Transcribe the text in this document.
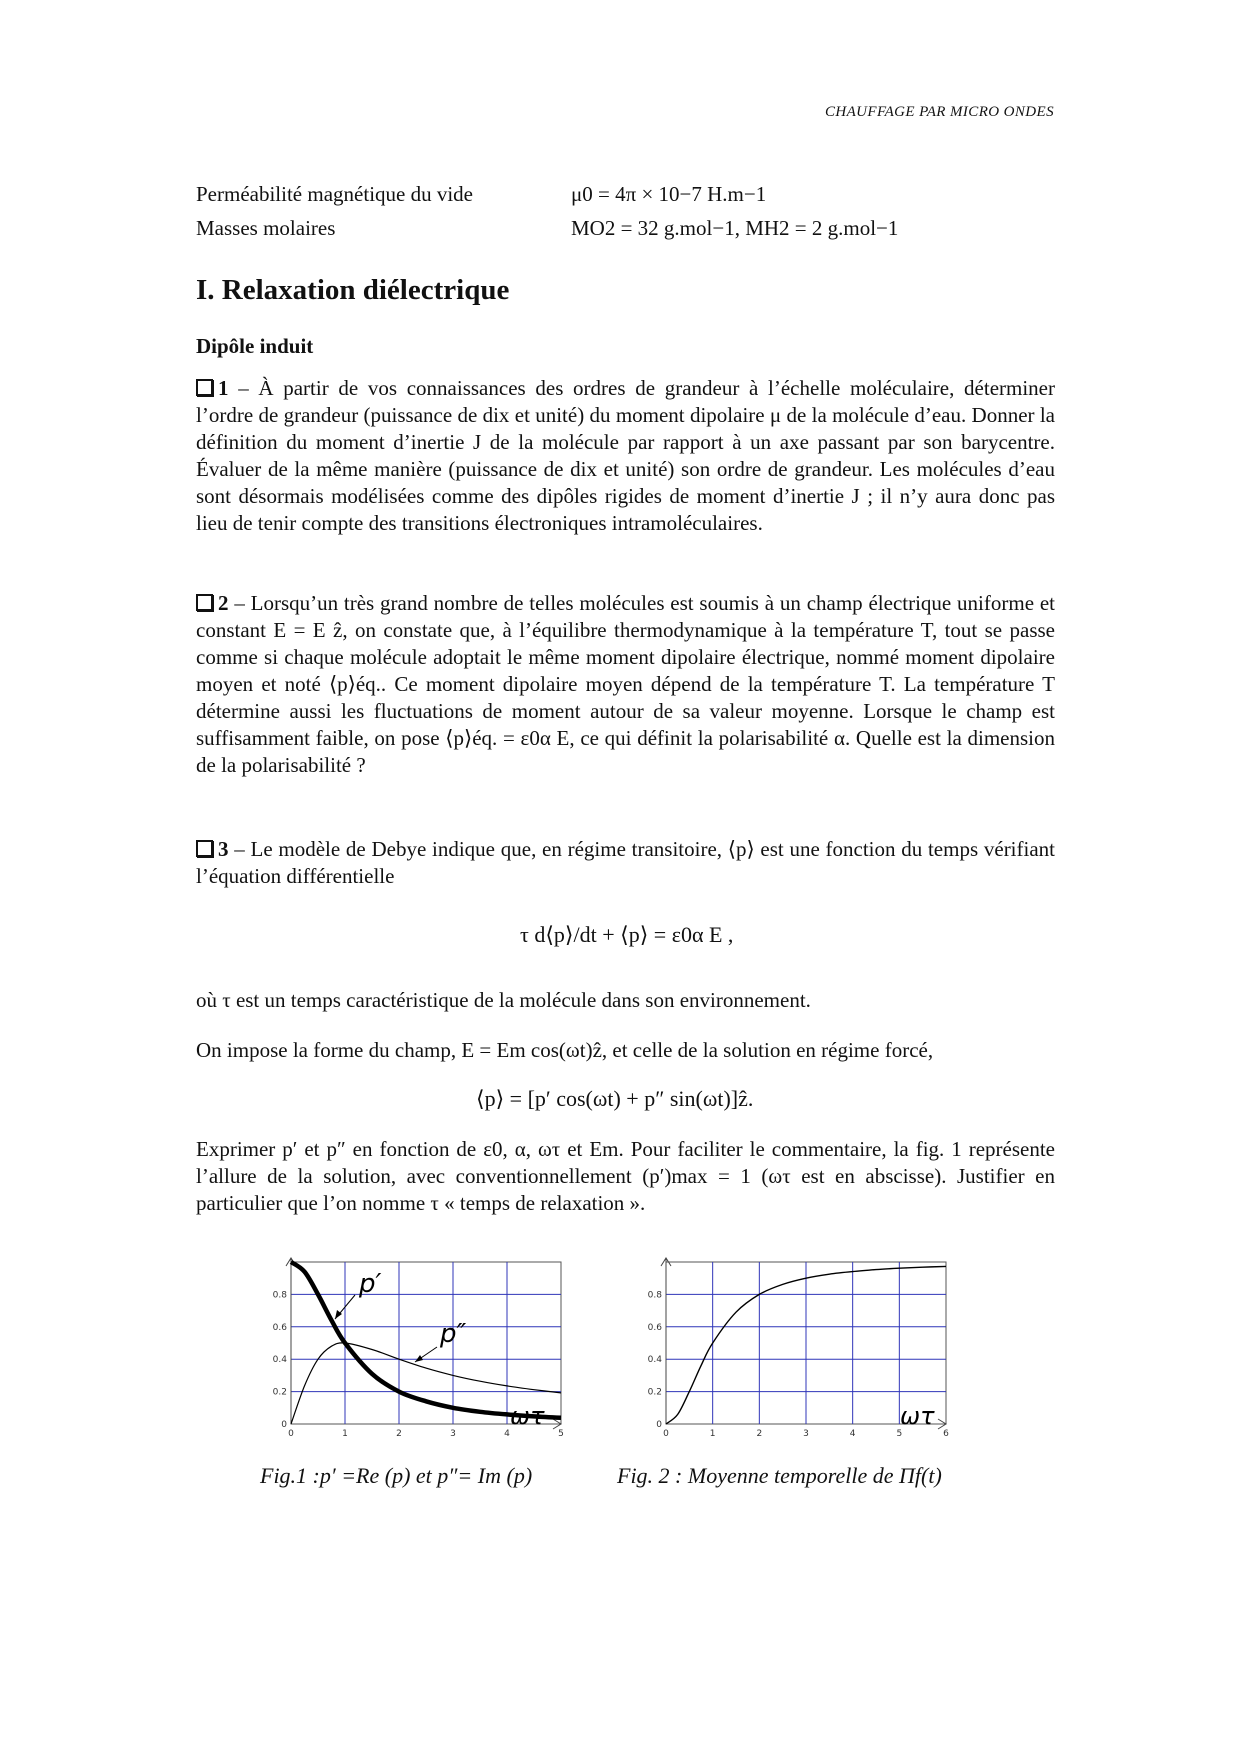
CHAUFFAGE PAR MICRO ONDES
Perméabilité magnétique du vide	μ0 = 4π × 10−7 H.m−1
Masses molaires	MO2 = 32 g.mol−1, MH2 = 2 g.mol−1
I. Relaxation diélectrique
Dipôle induit
1 – À partir de vos connaissances des ordres de grandeur à l’échelle moléculaire, déterminer l’ordre de grandeur (puissance de dix et unité) du moment dipolaire μ de la molécule d’eau. Donner la définition du moment d’inertie J de la molécule par rapport à un axe passant par son barycentre. Évaluer de la même manière (puissance de dix et unité) son ordre de grandeur. Les molécules d’eau sont désormais modélisées comme des dipôles rigides de moment d’inertie J ; il n’y aura donc pas lieu de tenir compte des transitions électroniques intramoléculaires.
2 – Lorsqu’un très grand nombre de telles molécules est soumis à un champ électrique uniforme et constant E = E ẑ, on constate que, à l’équilibre thermodynamique à la température T, tout se passe comme si chaque molécule adoptait le même moment dipolaire électrique, nommé moment dipolaire moyen et noté ⟨p⟩éq.. Ce moment dipolaire moyen dépend de la température T. La température T détermine aussi les fluctuations de moment autour de sa valeur moyenne. Lorsque le champ est suffisamment faible, on pose ⟨p⟩éq. = ε0α E, ce qui définit la polarisabilité α. Quelle est la dimension de la polarisabilité ?
3 – Le modèle de Debye indique que, en régime transitoire, ⟨p⟩ est une fonction du temps vérifiant l’équation différentielle
τ d⟨p⟩/dt + ⟨p⟩ = ε0α E ,
où τ est un temps caractéristique de la molécule dans son environnement.
On impose la forme du champ, E = Em cos(ωt)ẑ, et celle de la solution en régime forcé,
⟨p⟩ = [p′ cos(ωt) + p″ sin(ωt)]ẑ.
Exprimer p′ et p″ en fonction de ε0, α, ωτ et Em. Pour faciliter le commentaire, la fig. 1 représente l’allure de la solution, avec conventionnellement (p′)max = 1 (ωτ est en abscisse). Justifier en particulier que l’on nomme τ « temps de relaxation ».
0	1	2	3	4	5
0
0.2
0.4
0.6
0.8	p′
p″
ωτ
Fig.1 :p′ =Re (p) et p″= Im (p)
0	1	2	3	4	5	6
0
0.2
0.4
0.6
0.8
ωτ
Fig. 2 : Moyenne temporelle de Πf(t)
